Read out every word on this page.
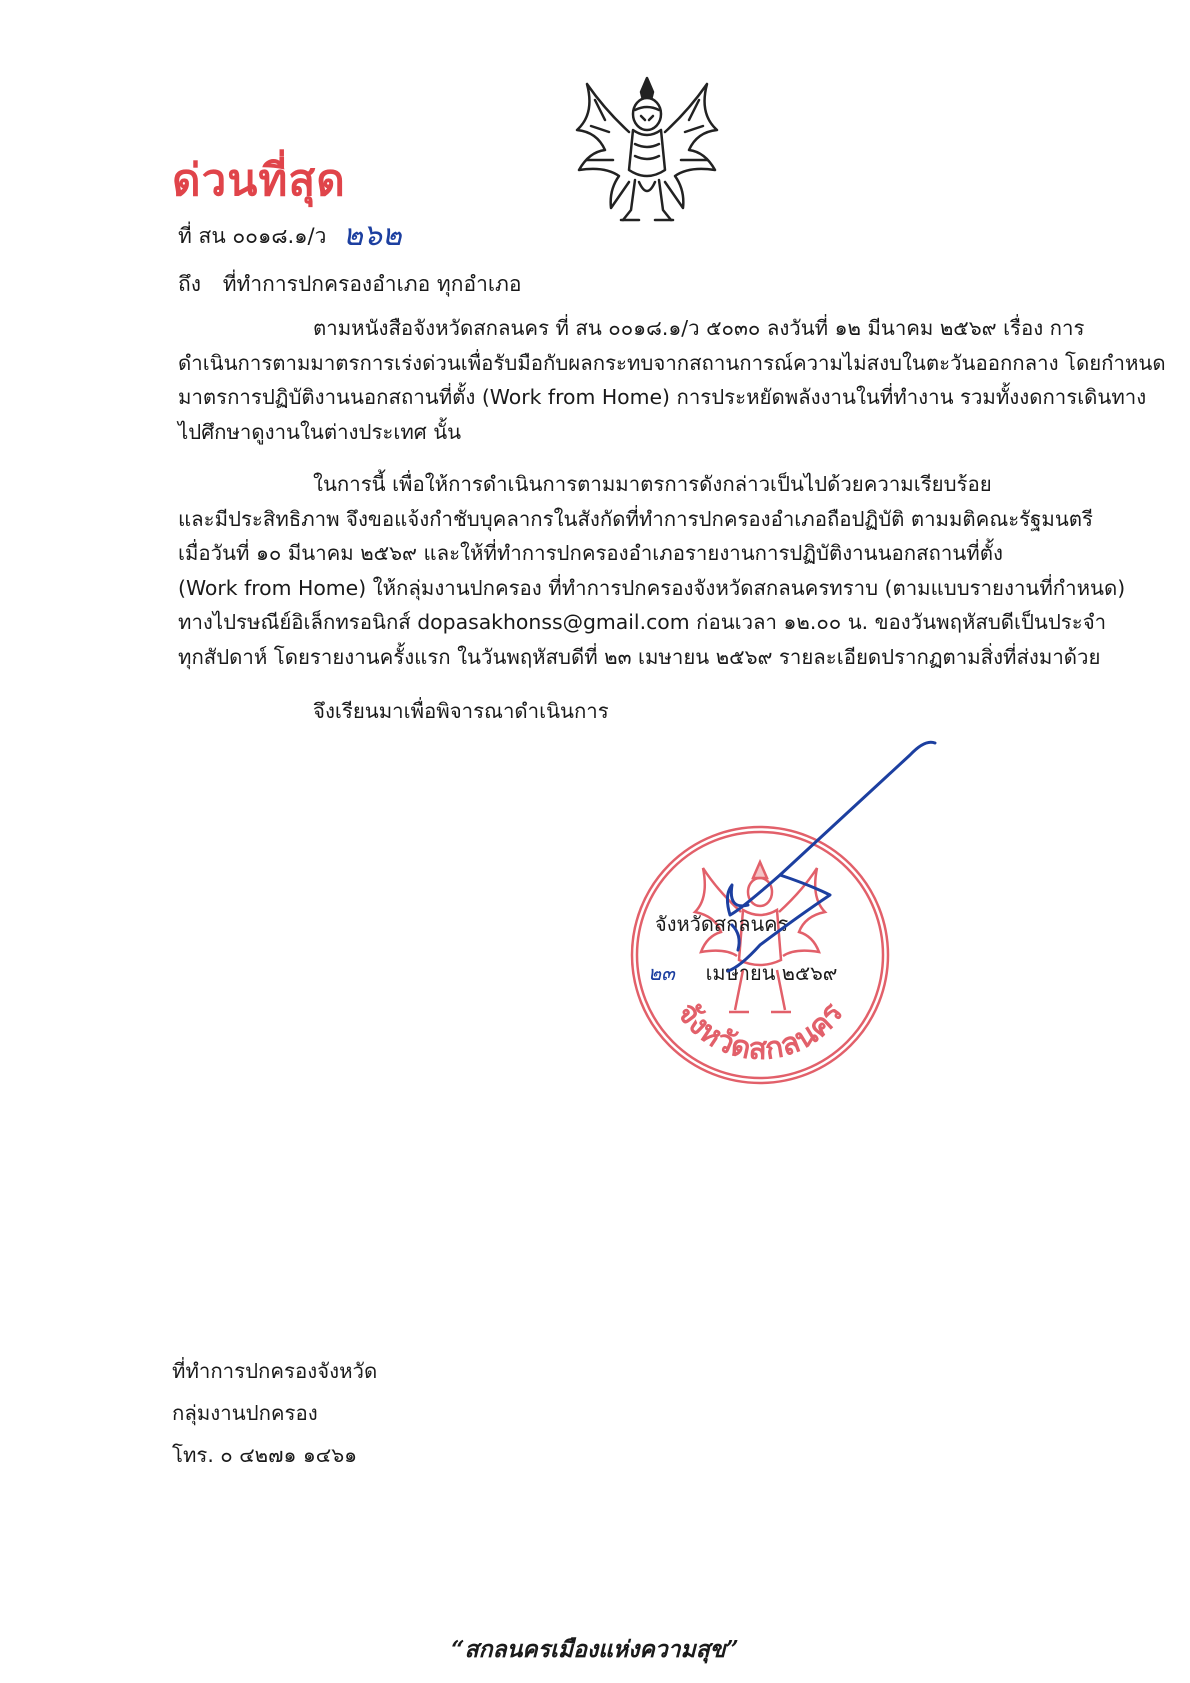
ด่วนที่สุด
ที่ สน ๐๐๑๘.๑/ว ๒๖๒
ถึง ที่ทำการปกครองอำเภอ ทุกอำเภอ
ตามหนังสือจังหวัดสกลนคร ที่ สน ๐๐๑๘.๑/ว ๕๐๓๐ ลงวันที่ ๑๒ มีนาคม ๒๕๖๙ เรื่อง การ
ดำเนินการตามมาตรการเร่งด่วนเพื่อรับมือกับผลกระทบจากสถานการณ์ความไม่สงบในตะวันออกกลาง โดยกำหนด
มาตรการปฏิบัติงานนอกสถานที่ตั้ง (Work from Home) การประหยัดพลังงานในที่ทำงาน รวมทั้งงดการเดินทาง
ไปศึกษาดูงานในต่างประเทศ นั้น
ในการนี้ เพื่อให้การดำเนินการตามมาตรการดังกล่าวเป็นไปด้วยความเรียบร้อย
และมีประสิทธิภาพ จึงขอแจ้งกำชับบุคลากรในสังกัดที่ทำการปกครองอำเภอถือปฏิบัติ ตามมติคณะรัฐมนตรี
เมื่อวันที่ ๑๐ มีนาคม ๒๕๖๙ และให้ที่ทำการปกครองอำเภอรายงานการปฏิบัติงานนอกสถานที่ตั้ง
(Work from Home) ให้กลุ่มงานปกครอง ที่ทำการปกครองจังหวัดสกลนครทราบ (ตามแบบรายงานที่กำหนด)
ทางไปรษณีย์อิเล็กทรอนิกส์ dopasakhonss@gmail.com ก่อนเวลา ๑๒.๐๐ น. ของวันพฤหัสบดีเป็นประจำ
ทุกสัปดาห์ โดยรายงานครั้งแรก ในวันพฤหัสบดีที่ ๒๓ เมษายน ๒๕๖๙ รายละเอียดปรากฏตามสิ่งที่ส่งมาด้วย
จึงเรียนมาเพื่อพิจารณาดำเนินการ
จังหวัดสกลนคร
จังหวัดสกลนคร
๒๓ เมษายน ๒๕๖๙
ที่ทำการปกครองจังหวัด
กลุ่มงานปกครอง
โทร. ๐ ๔๒๗๑ ๑๔๖๑
“สกลนครเมืองแห่งความสุข”
